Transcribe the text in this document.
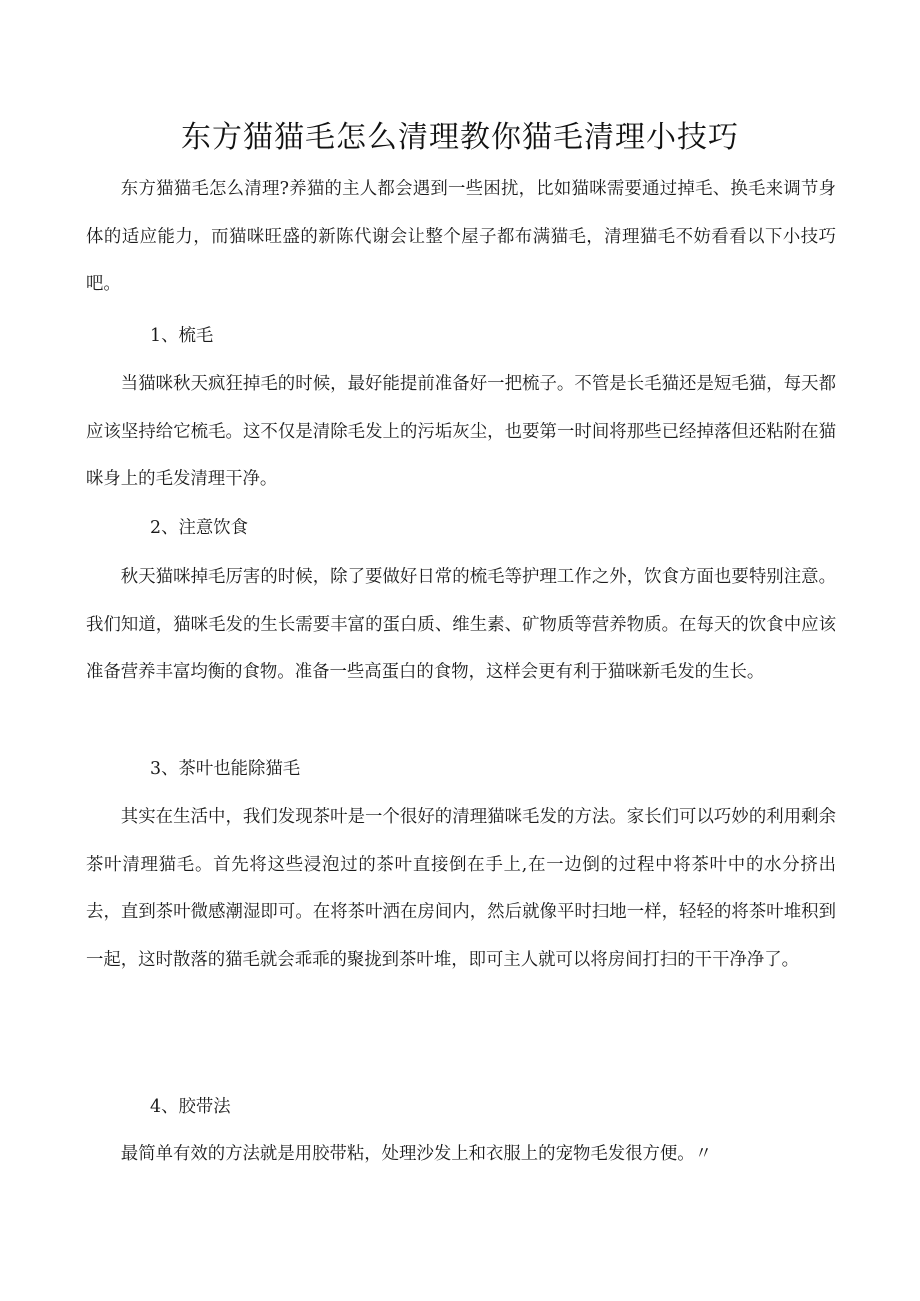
东方猫猫毛怎么清理教你猫毛清理小技巧

东方猫猫毛怎么清理?养猫的主人都会遇到一些困扰，比如猫咪需要通过掉毛、换毛来调节身体的适应能力，而猫咪旺盛的新陈代谢会让整个屋子都布满猫毛，清理猫毛不妨看看以下小技巧吧。

1、梳毛

当猫咪秋天疯狂掉毛的时候，最好能提前准备好一把梳子。不管是长毛猫还是短毛猫，每天都应该坚持给它梳毛。这不仅是清除毛发上的污垢灰尘，也要第一时间将那些已经掉落但还粘附在猫咪身上的毛发清理干净。

2、注意饮食

秋天猫咪掉毛厉害的时候，除了要做好日常的梳毛等护理工作之外，饮食方面也要特别注意。我们知道，猫咪毛发的生长需要丰富的蛋白质、维生素、矿物质等营养物质。在每天的饮食中应该准备营养丰富均衡的食物。准备一些高蛋白的食物，这样会更有利于猫咪新毛发的生长。

3、茶叶也能除猫毛

其实在生活中，我们发现茶叶是一个很好的清理猫咪毛发的方法。家长们可以巧妙的利用剩余茶叶清理猫毛。首先将这些浸泡过的茶叶直接倒在手上,在一边倒的过程中将茶叶中的水分挤出去，直到茶叶微感潮湿即可。在将茶叶洒在房间内，然后就像平时扫地一样，轻轻的将茶叶堆积到一起，这时散落的猫毛就会乖乖的聚拢到茶叶堆，即可主人就可以将房间打扫的干干净净了。

4、胶带法

最简单有效的方法就是用胶带粘，处理沙发上和衣服上的宠物毛发很方便。〃
